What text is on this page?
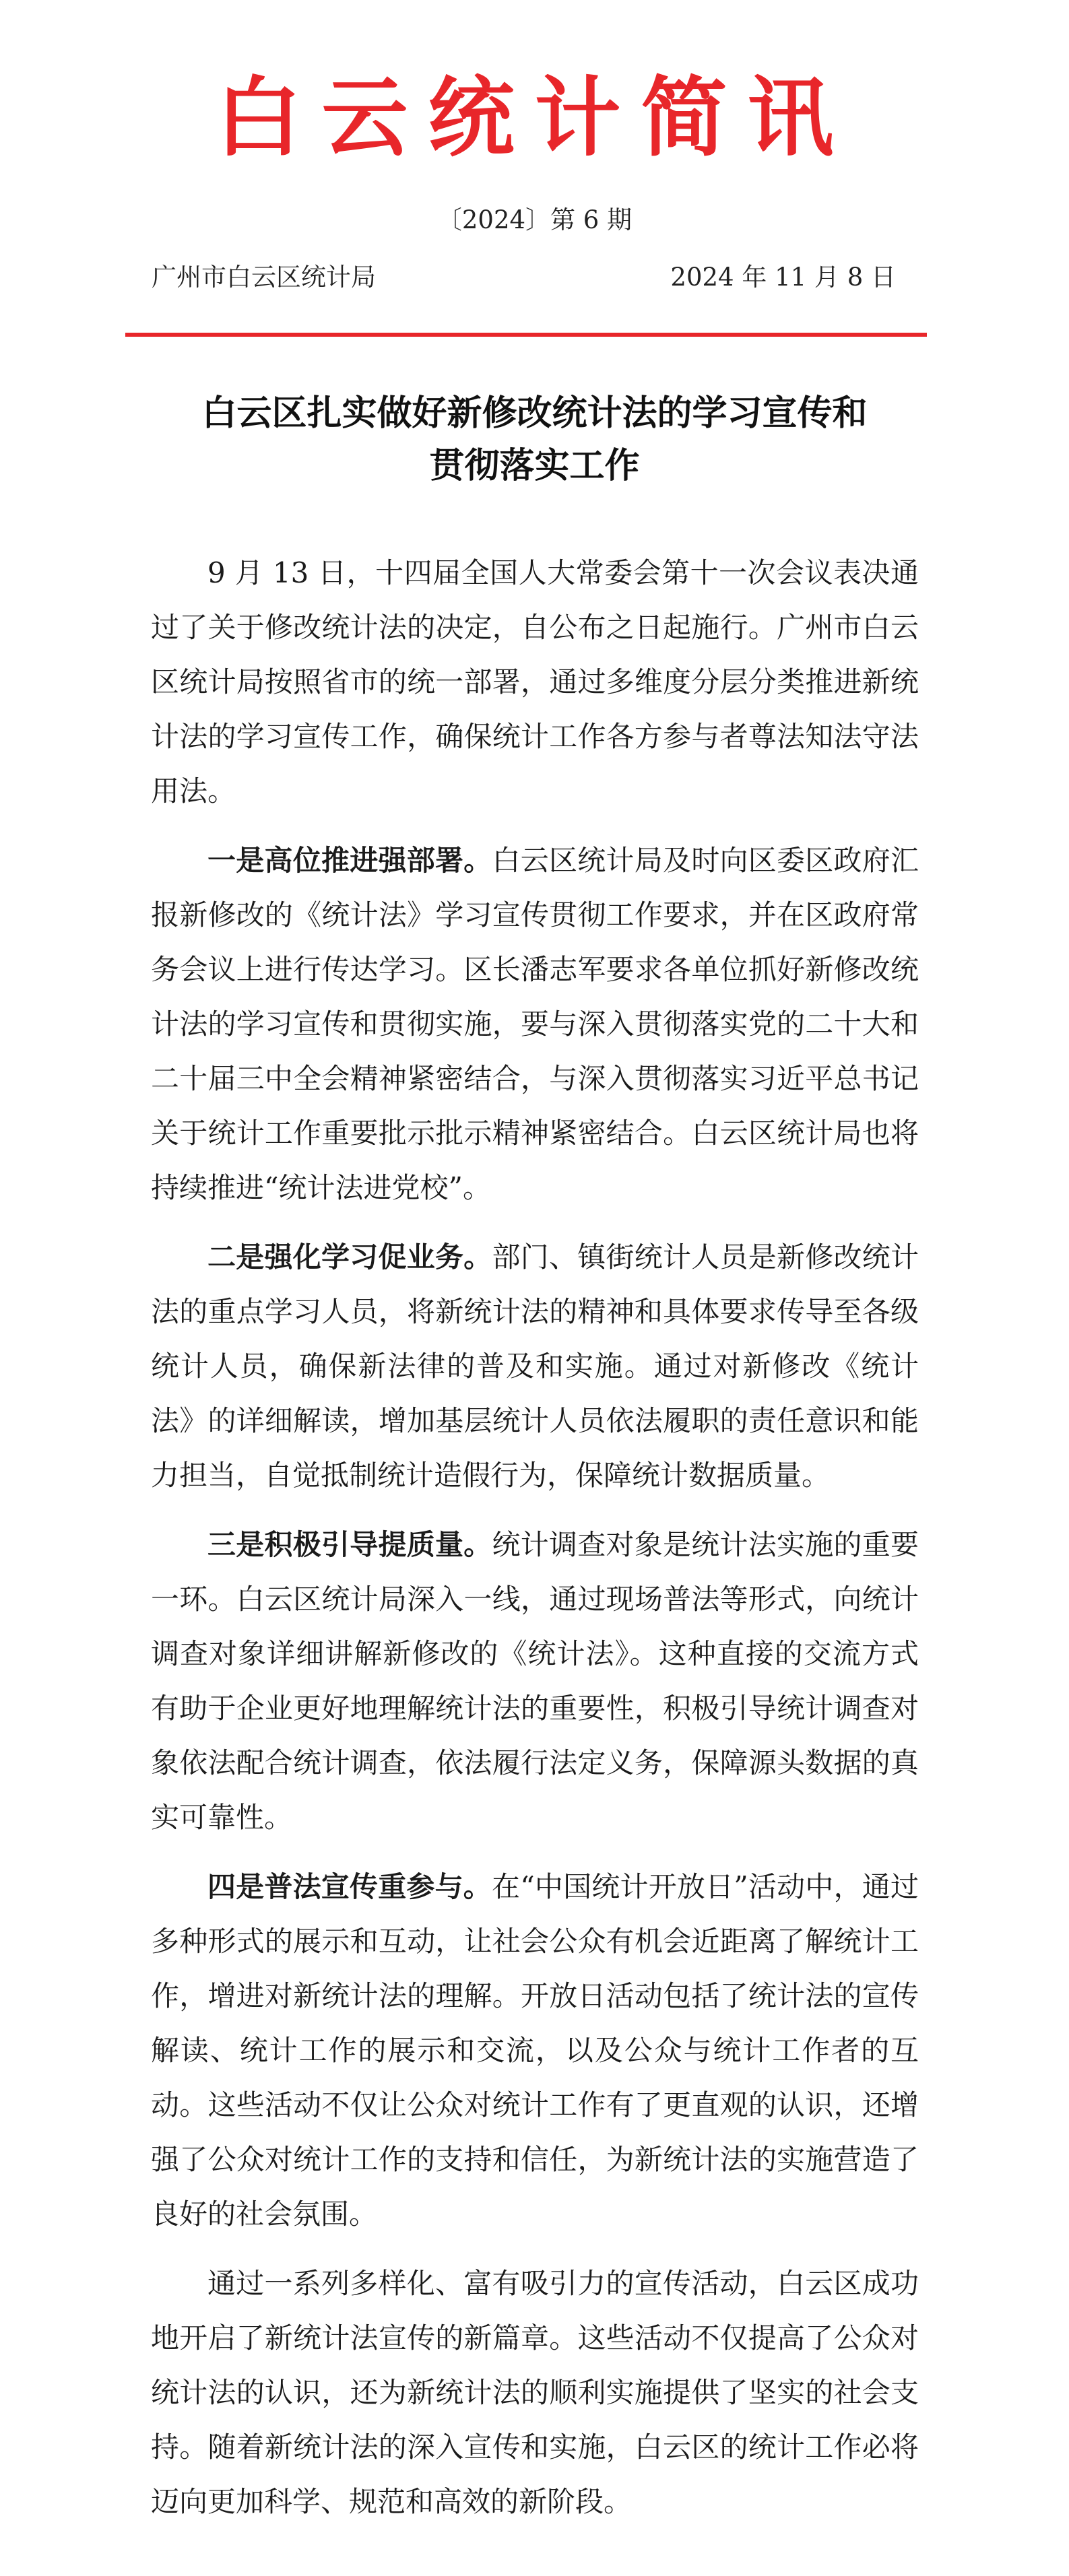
白云统计简讯
〔2024〕第 6 期
广州市白云区统计局	2024 年 11 月 8 日
白云区扎实做好新修改统计法的学习宣传和
贯彻落实工作

9 月 13 日，十四届全国人大常委会第十一次会议表决通过了关于修改统计法的决定，自公布之日起施行。广州市白云区统计局按照省市的统一部署，通过多维度分层分类推进新统计法的学习宣传工作，确保统计工作各方参与者尊法知法守法用法。

一是高位推进强部署。白云区统计局及时向区委区政府汇报新修改的《统计法》学习宣传贯彻工作要求，并在区政府常务会议上进行传达学习。区长潘志军要求各单位抓好新修改统计法的学习宣传和贯彻实施，要与深入贯彻落实党的二十大和二十届三中全会精神紧密结合，与深入贯彻落实习近平总书记关于统计工作重要批示批示精神紧密结合。白云区统计局也将持续推进“统计法进党校”。

二是强化学习促业务。部门、镇街统计人员是新修改统计法的重点学习人员，将新统计法的精神和具体要求传导至各级统计人员，确保新法律的普及和实施。通过对新修改《统计法》的详细解读，增加基层统计人员依法履职的责任意识和能力担当，自觉抵制统计造假行为，保障统计数据质量。

三是积极引导提质量。统计调查对象是统计法实施的重要一环。白云区统计局深入一线，通过现场普法等形式，向统计调查对象详细讲解新修改的《统计法》。这种直接的交流方式有助于企业更好地理解统计法的重要性，积极引导统计调查对象依法配合统计调查，依法履行法定义务，保障源头数据的真实可靠性。

四是普法宣传重参与。在“中国统计开放日”活动中，通过多种形式的展示和互动，让社会公众有机会近距离了解统计工作，增进对新统计法的理解。开放日活动包括了统计法的宣传解读、统计工作的展示和交流，以及公众与统计工作者的互动。这些活动不仅让公众对统计工作有了更直观的认识，还增强了公众对统计工作的支持和信任，为新统计法的实施营造了良好的社会氛围。

通过一系列多样化、富有吸引力的宣传活动，白云区成功地开启了新统计法宣传的新篇章。这些活动不仅提高了公众对统计法的认识，还为新统计法的顺利实施提供了坚实的社会支持。随着新统计法的深入宣传和实施，白云区的统计工作必将迈向更加科学、规范和高效的新阶段。
